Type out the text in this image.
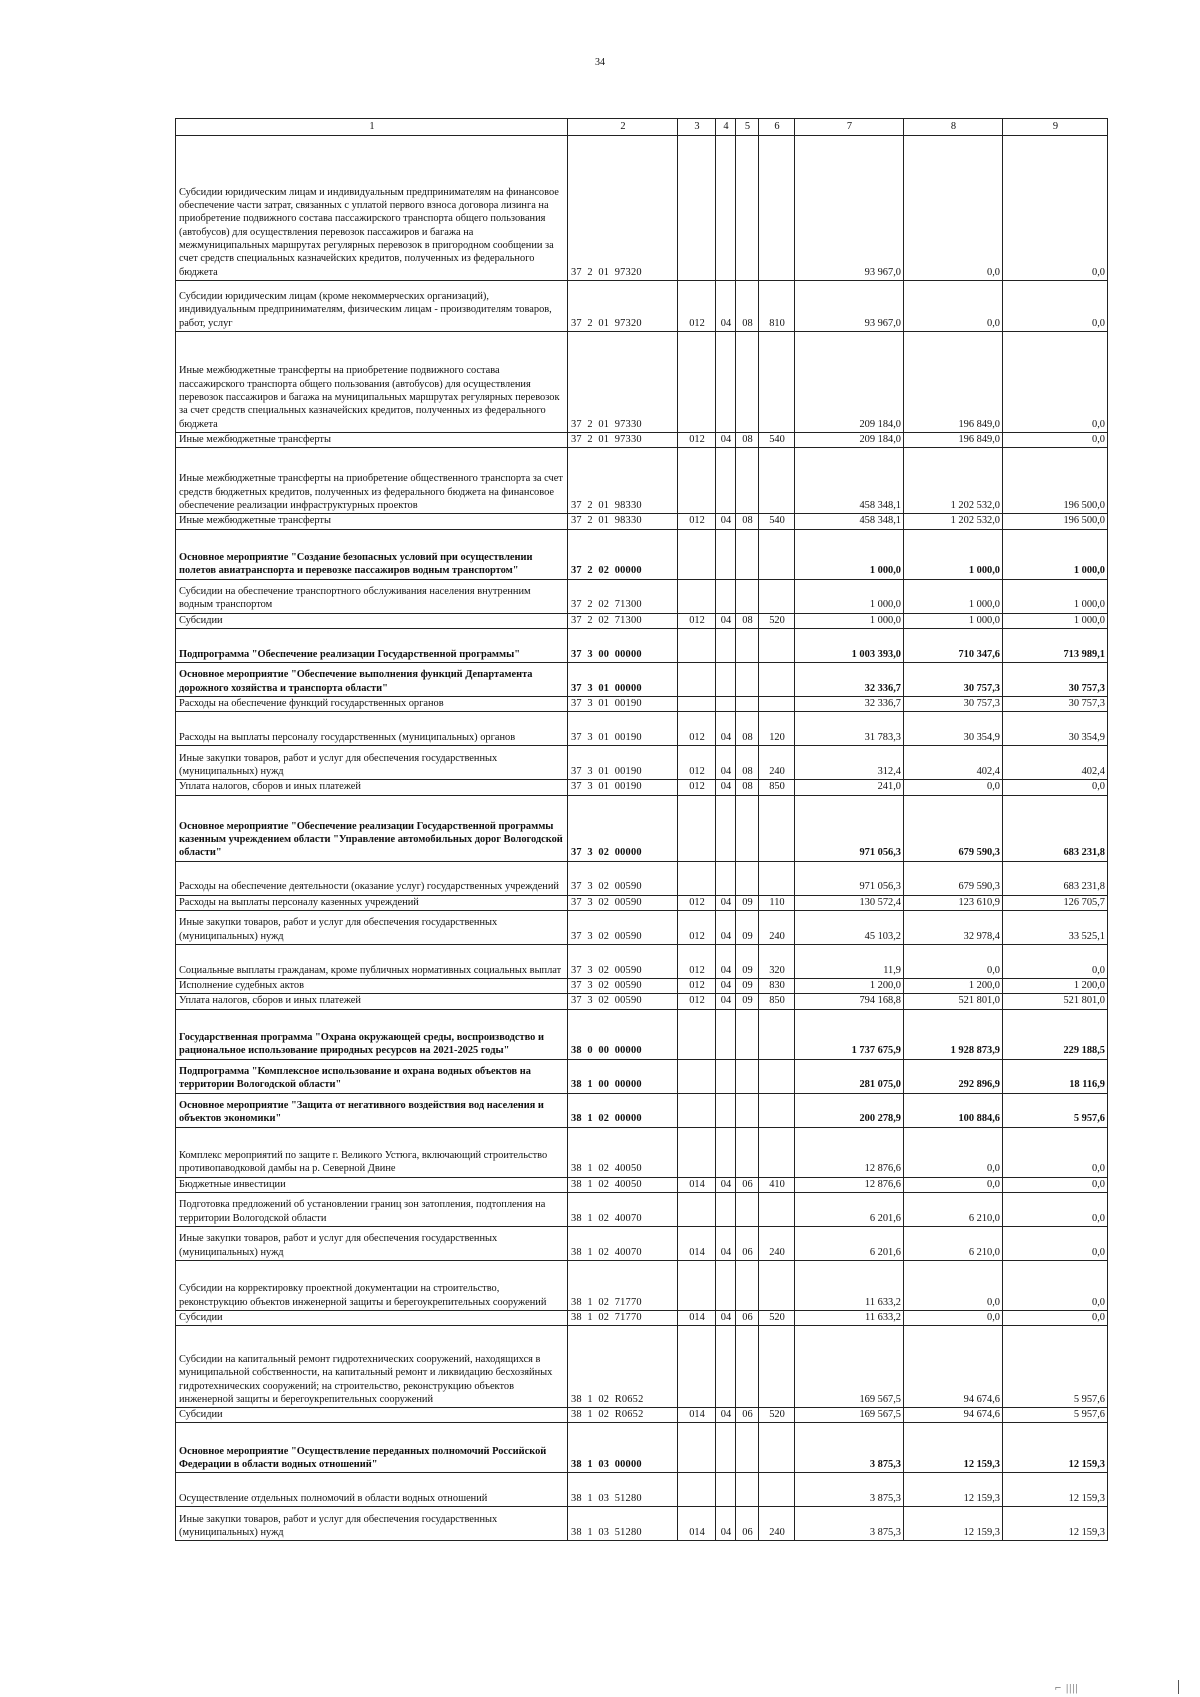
34
1	2	3	4	5	6	7	8	9
Субсидии юридическим лицам и индивидуальным предпринимателям на финансовое обеспечение части затрат, связанных с уплатой первого взноса договора лизинга на приобретение подвижного состава пассажирского транспорта общего пользования (автобусов) для осуществления перевозок пассажиров и багажа на межмуниципальных маршрутах регулярных перевозок в пригородном сообщении за счет средств специальных казначейских кредитов, полученных из федерального бюджета	37  2  01  97320					93 967,0	0,0	0,0
Субсидии юридическим лицам (кроме некоммерческих организаций), индивидуальным предпринимателям, физическим лицам - производителям товаров, работ, услуг	37  2  01  97320	012	04	08	810	93 967,0	0,0	0,0
Иные межбюджетные трансферты на приобретение подвижного состава пассажирского транспорта общего пользования (автобусов) для осуществления перевозок пассажиров и багажа на муниципальных маршрутах регулярных перевозок за счет средств специальных казначейских кредитов, полученных из федерального бюджета	37  2  01  97330					209 184,0	196 849,0	0,0
Иные межбюджетные трансферты	37  2  01  97330	012	04	08	540	209 184,0	196 849,0	0,0
Иные межбюджетные трансферты на приобретение общественного транспорта за счет средств бюджетных кредитов, полученных из федерального бюджета на финансовое обеспечение реализации инфраструктурных проектов	37  2  01  98330					458 348,1	1 202 532,0	196 500,0
Иные межбюджетные трансферты	37  2  01  98330	012	04	08	540	458 348,1	1 202 532,0	196 500,0
Основное мероприятие "Создание безопасных условий при осуществлении полетов авиатранспорта и перевозке пассажиров водным транспортом"	37  2  02  00000					1 000,0	1 000,0	1 000,0
Субсидии на обеспечение транспортного обслуживания населения внутренним водным транспортом	37  2  02  71300					1 000,0	1 000,0	1 000,0
Субсидии	37  2  02  71300	012	04	08	520	1 000,0	1 000,0	1 000,0
Подпрограмма "Обеспечение реализации Государственной программы"	37  3  00  00000					1 003 393,0	710 347,6	713 989,1
Основное мероприятие "Обеспечение выполнения функций Департамента дорожного хозяйства и транспорта области"	37  3  01  00000					32 336,7	30 757,3	30 757,3
Расходы на обеспечение функций государственных органов	37  3  01  00190					32 336,7	30 757,3	30 757,3
Расходы на выплаты персоналу государственных (муниципальных) органов	37  3  01  00190	012	04	08	120	31 783,3	30 354,9	30 354,9
Иные закупки товаров, работ и услуг для обеспечения государственных (муниципальных) нужд	37  3  01  00190	012	04	08	240	312,4	402,4	402,4
Уплата налогов, сборов и иных платежей	37  3  01  00190	012	04	08	850	241,0	0,0	0,0
Основное мероприятие "Обеспечение реализации Государственной программы казенным учреждением области "Управление автомобильных дорог Вологодской области"	37  3  02  00000					971 056,3	679 590,3	683 231,8
Расходы на обеспечение деятельности (оказание услуг) государственных учреждений	37  3  02  00590					971 056,3	679 590,3	683 231,8
Расходы на выплаты персоналу казенных учреждений	37  3  02  00590	012	04	09	110	130 572,4	123 610,9	126 705,7
Иные закупки товаров, работ и услуг для обеспечения государственных (муниципальных) нужд	37  3  02  00590	012	04	09	240	45 103,2	32 978,4	33 525,1
Социальные выплаты гражданам, кроме публичных нормативных социальных выплат	37  3  02  00590	012	04	09	320	11,9	0,0	0,0
Исполнение судебных актов	37  3  02  00590	012	04	09	830	1 200,0	1 200,0	1 200,0
Уплата налогов, сборов и иных платежей	37  3  02  00590	012	04	09	850	794 168,8	521 801,0	521 801,0
Государственная программа "Охрана окружающей среды, воспроизводство и рациональное использование природных ресурсов на 2021-2025 годы"	38  0  00  00000					1 737 675,9	1 928 873,9	229 188,5
Подпрограмма "Комплексное использование и охрана водных объектов на территории Вологодской области"	38  1  00  00000					281 075,0	292 896,9	18 116,9
Основное мероприятие "Защита от негативного воздействия вод населения и объектов экономики"	38  1  02  00000					200 278,9	100 884,6	5 957,6
Комплекс мероприятий по защите г. Великого Устюга, включающий строительство противопаводковой дамбы на р. Северной Двине	38  1  02  40050					12 876,6	0,0	0,0
Бюджетные инвестиции	38  1  02  40050	014	04	06	410	12 876,6	0,0	0,0
Подготовка предложений об установлении границ зон затопления, подтопления на территории Вологодской области	38  1  02  40070					6 201,6	6 210,0	0,0
Иные закупки товаров, работ и услуг для обеспечения государственных (муниципальных) нужд	38  1  02  40070	014	04	06	240	6 201,6	6 210,0	0,0
Субсидии на корректировку проектной документации на строительство, реконструкцию объектов инженерной защиты и берегоукрепительных сооружений	38  1  02  71770					11 633,2	0,0	0,0
Субсидии	38  1  02  71770	014	04	06	520	11 633,2	0,0	0,0
Субсидии на капитальный ремонт гидротехнических сооружений, находящихся в муниципальной собственности, на капитальный ремонт и ликвидацию бесхозяйных гидротехнических сооружений; на строительство, реконструкцию объектов инженерной защиты и берегоукрепительных сооружений	38  1  02  R0652					169 567,5	94 674,6	5 957,6
Субсидии	38  1  02  R0652	014	04	06	520	169 567,5	94 674,6	5 957,6
Основное мероприятие "Осуществление переданных полномочий Российской Федерации в области водных отношений"	38  1  03  00000					3 875,3	12 159,3	12 159,3
Осуществление отдельных полномочий в области водных отношений	38  1  03  51280					3 875,3	12 159,3	12 159,3
Иные закупки товаров, работ и услуг для обеспечения государственных (муниципальных) нужд	38  1  03  51280	014	04	06	240	3 875,3	12 159,3	12 159,3
⌐ ||||
